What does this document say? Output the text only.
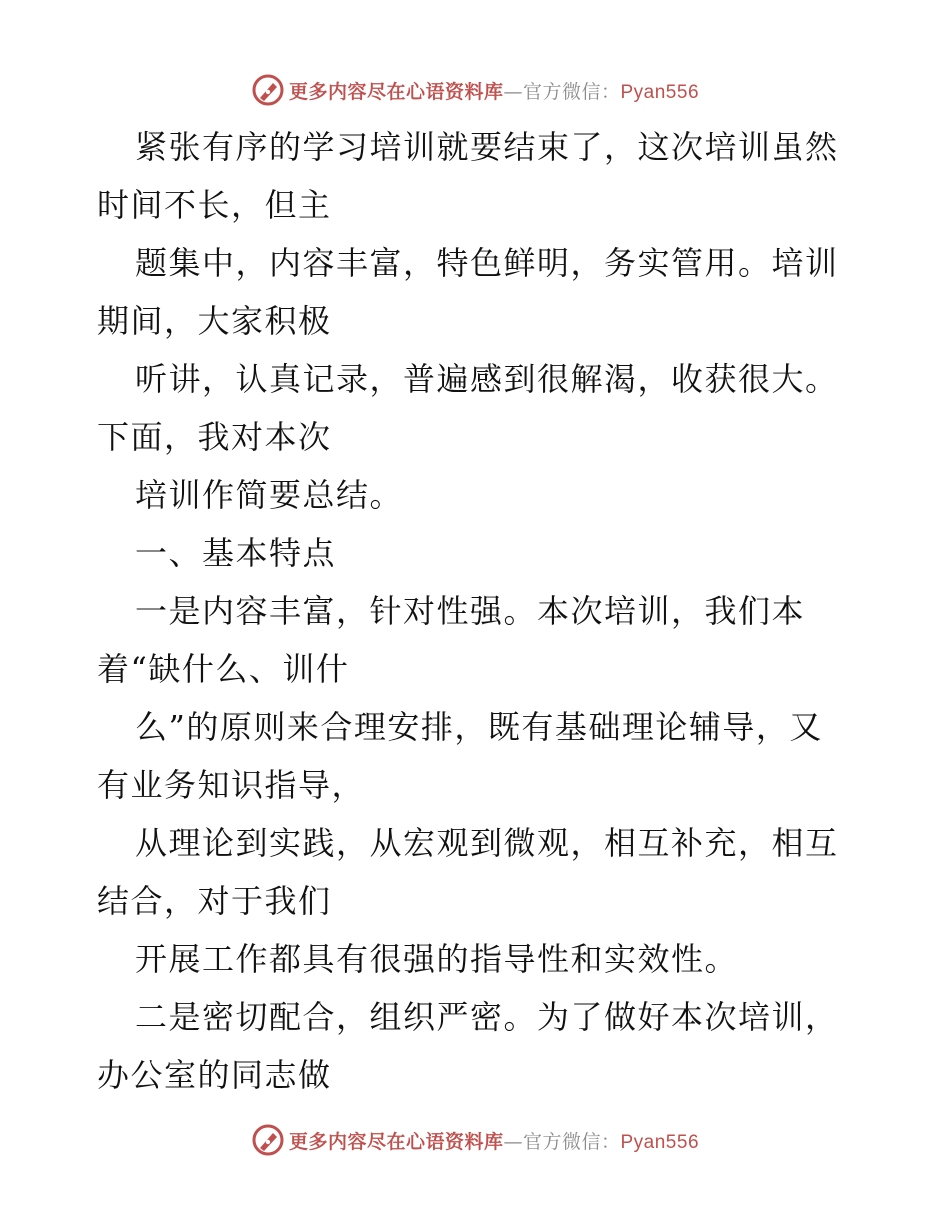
更多内容尽在心语资料库—官方微信：Pyan556
紧张有序的学习培训就要结束了，这次培训虽然
时间不长，但主
题集中，内容丰富，特色鲜明，务实管用。培训
期间，大家积极
听讲，认真记录，普遍感到很解渴，收获很大。
下面，我对本次
培训作简要总结。
一、基本特点
一是内容丰富，针对性强。本次培训，我们本
着“缺什么、训什
么”的原则来合理安排，既有基础理论辅导，又
有业务知识指导，
从理论到实践，从宏观到微观，相互补充，相互
结合，对于我们
开展工作都具有很强的指导性和实效性。
二是密切配合，组织严密。为了做好本次培训，
办公室的同志做
更多内容尽在心语资料库—官方微信：Pyan556
